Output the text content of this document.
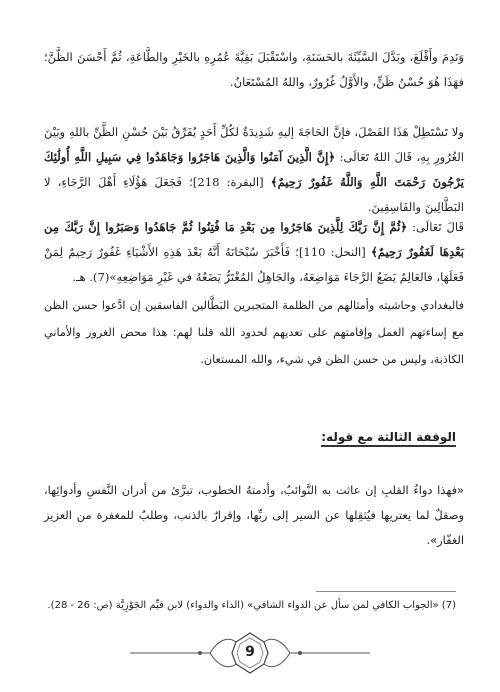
وَنَدِمَ وأَقْلَعَ، وبَدَّلَ السَّيِّئَةَ بالحَسَنَةِ، واسْتَقْبَلَ بَقِيَّةَ عُمُرِهِ بالخَيْرِ والطَّاعَةِ، ثُمَّ أَحْسَنَ الظَّنَّ؛ فهَذَا هُوَ حُسْنُ ظَنٍّ، والأَوَّلُ غُرُورٌ، واللهُ المُسْتَعَانُ.

ولا تَسْتَطِلْ هَذَا الفَصْلَ، فإنَّ الحَاجَةَ إليهِ شَدِيدَةٌ لكُلِّ أَحَدٍ يُفَرِّقُ بَيْنَ حُسْنِ الظَّنِّ باللهِ وبَيْنَ الغُرُورِ بِهِ، قَالَ اللهُ تَعَالَى: ﴿إِنَّ الَّذِينَ آمَنُوا وَالَّذِينَ هَاجَرُوا وَجَاهَدُوا فِي سَبِيلِ اللَّهِ أُولَٰئِكَ يَرْجُونَ رَحْمَتَ اللَّهِ وَاللَّهُ غَفُورٌ رَحِيمٌ﴾ [البقرة: 218]؛ فَجَعَلَ هَؤُلَاءِ أَهْلَ الرَّجَاءِ، لا البَطَّالِينَ والفَاسِقِينَ.

قَالَ تَعَالَى: ﴿ثُمَّ إِنَّ رَبَّكَ لِلَّذِينَ هَاجَرُوا مِن بَعْدِ مَا فُتِنُوا ثُمَّ جَاهَدُوا وَصَبَرُوا إِنَّ رَبَّكَ مِن بَعْدِهَا لَغَفُورٌ رَحِيمٌ﴾ [النحل: 110]؛ فَأَخْبَرَ سُبْحَانَهُ أَنَّهُ بَعْدَ هَذِهِ الأَشْيَاءِ غَفُورٌ رَحِيمٌ لِمَنْ فَعَلَهَا، فالعَالِمُ يَضَعُ الرَّجَاءَ مَوَاضِعَهُ، والجَاهِلُ المُغْتَرُّ يَضَعُهُ في غَيْرِ مَوَاضِعِهِ»(7). هـ.

فالبغدادي وحاشيته وأمثالهم من الظلمة المتجبرين البَطَّالين الفاسقين إن ادَّعوا حسن الظن مع إساءتهم العمل وإقامتهم على تعديهم لحدود الله قلنا لهم: هذا محض الغرور والأماني الكاذبة، وليس من حسن الظن في شيء، والله المستعان.

الوقفة الثالثة مع قوله:

«فهذا دواءُ القلبِ إن عاثت به النَّوائبُ، وأدمتهُ الخطوب، تبرَّئ من أدران النَّفسِ وأدوائِها، وصقلٌ لما يعتريها فيُثقِلها عن السير إلى ربِّها، وإقرارٌ بالذنب، وطلبٌ للمغفرة من العزيز الغفّار».

(7) «الجواب الكافي لمن سأل عن الدواء الشافي» (الداء والدواء) لابن قيِّم الجَوْزِيَّة (ص: 26 - 28).
9
